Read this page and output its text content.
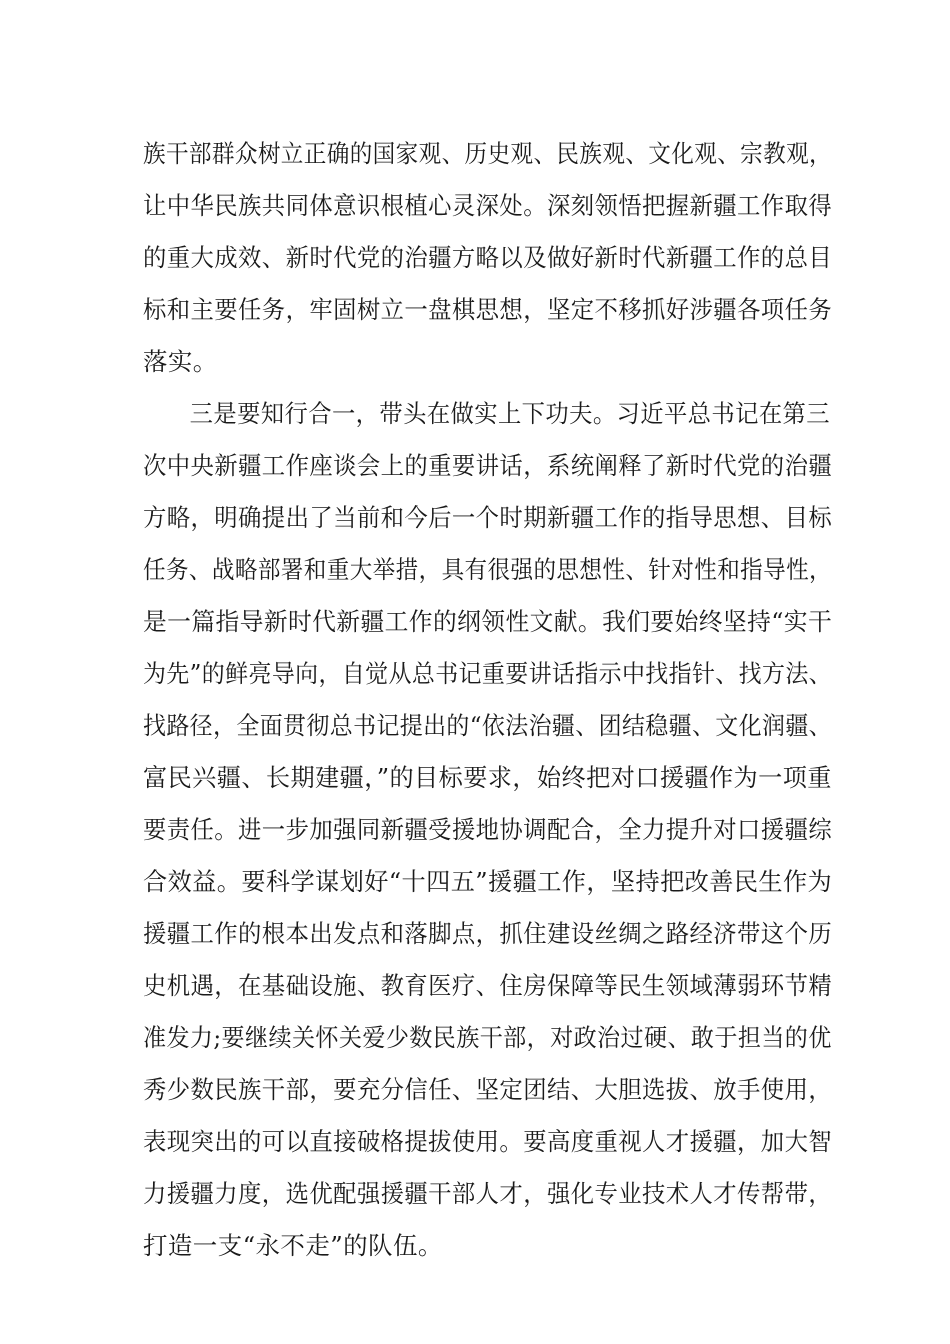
族干部群众树立正确的国家观、历史观、民族观、文化观、宗教观，
让中华民族共同体意识根植心灵深处。深刻领悟把握新疆工作取得
的重大成效、新时代党的治疆方略以及做好新时代新疆工作的总目
标和主要任务，牢固树立一盘棋思想，坚定不移抓好涉疆各项任务
落实。
三是要知行合一，带头在做实上下功夫。习近平总书记在第三
次中央新疆工作座谈会上的重要讲话，系统阐释了新时代党的治疆
方略，明确提出了当前和今后一个时期新疆工作的指导思想、目标
任务、战略部署和重大举措，具有很强的思想性、针对性和指导性，
是一篇指导新时代新疆工作的纲领性文献。我们要始终坚持“实干
为先”的鲜亮导向，自觉从总书记重要讲话指示中找指针、找方法、
找路径，全面贯彻总书记提出的“依法治疆、团结稳疆、文化润疆、
富民兴疆、长期建疆，”的目标要求，始终把对口援疆作为一项重
要责任。进一步加强同新疆受援地协调配合，全力提升对口援疆综
合效益。要科学谋划好“十四五”援疆工作，坚持把改善民生作为
援疆工作的根本出发点和落脚点，抓住建设丝绸之路经济带这个历
史机遇，在基础设施、教育医疗、住房保障等民生领域薄弱环节精
准发力;要继续关怀关爱少数民族干部，对政治过硬、敢于担当的优
秀少数民族干部，要充分信任、坚定团结、大胆选拔、放手使用，
表现突出的可以直接破格提拔使用。要高度重视人才援疆，加大智
力援疆力度，选优配强援疆干部人才，强化专业技术人才传帮带，
打造一支“永不走”的队伍。
